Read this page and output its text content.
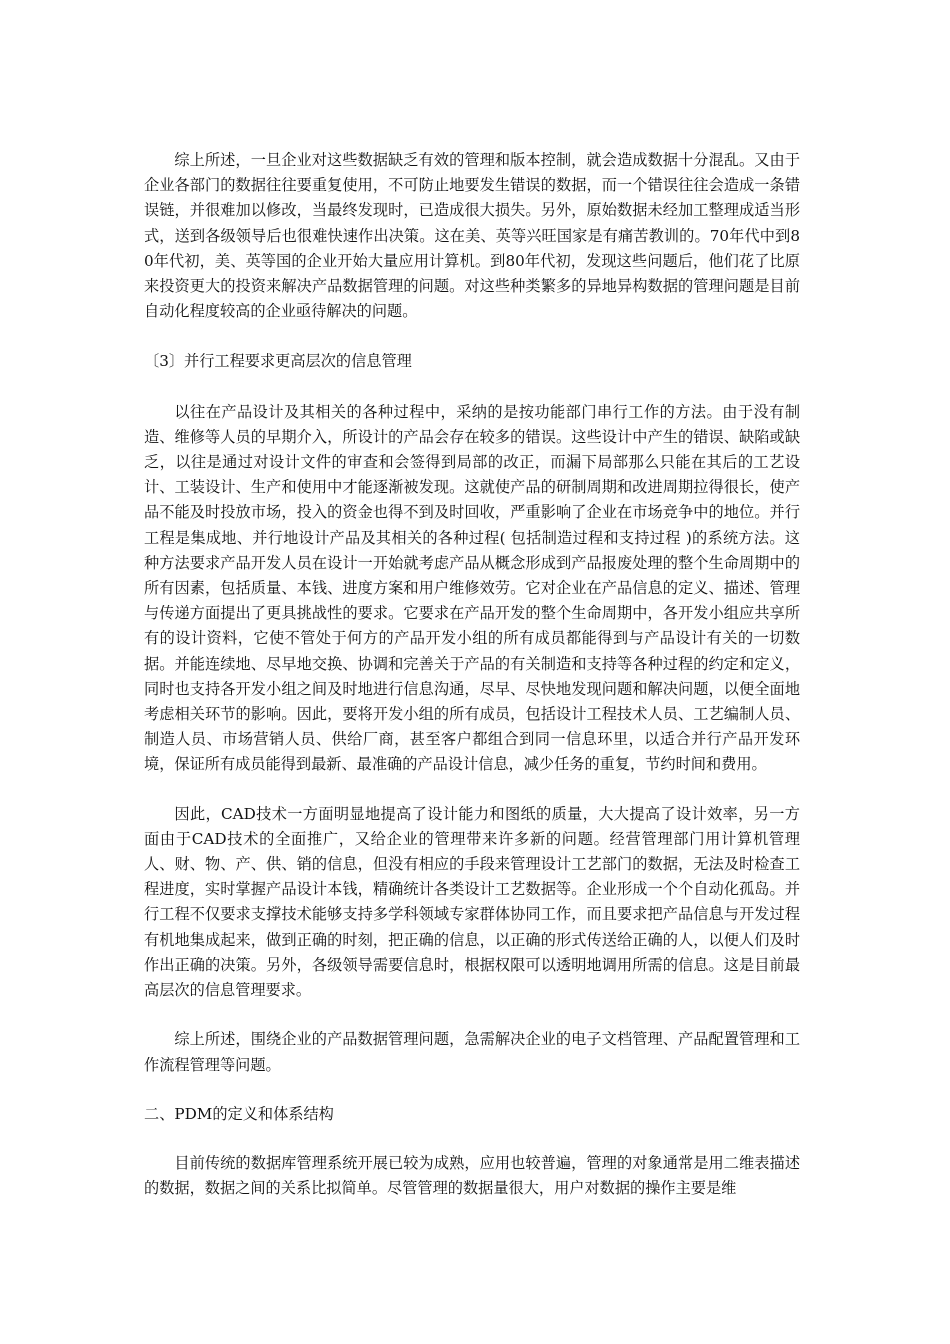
综上所述，一旦企业对这些数据缺乏有效的管理和版本控制，就会造成数据十分混乱。又由于企业各部门的数据往往要重复使用，不可防止地要发生错误的数据，而一个错误往往会造成一条错误链，并很难加以修改，当最终发现时，已造成很大损失。另外，原始数据未经加工整理成适当形式，送到各级领导后也很难快速作出决策。这在美、英等兴旺国家是有痛苦教训的。70年代中到80年代初，美、英等国的企业开始大量应用计算机。到80年代初，发现这些问题后，他们花了比原来投资更大的投资来解决产品数据管理的问题。对这些种类繁多的异地异构数据的管理问题是目前自动化程度较高的企业亟待解决的问题。

〔3〕并行工程要求更高层次的信息管理

以往在产品设计及其相关的各种过程中，采纳的是按功能部门串行工作的方法。由于没有制造、维修等人员的早期介入，所设计的产品会存在较多的错误。这些设计中产生的错误、缺陷或缺乏，以往是通过对设计文件的审查和会签得到局部的改正，而漏下局部那么只能在其后的工艺设计、工装设计、生产和使用中才能逐渐被发现。这就使产品的研制周期和改进周期拉得很长，使产品不能及时投放市场，投入的资金也得不到及时回收，严重影响了企业在市场竞争中的地位。并行工程是集成地、并行地设计产品及其相关的各种过程( 包括制造过程和支持过程 )的系统方法。这种方法要求产品开发人员在设计一开始就考虑产品从概念形成到产品报废处理的整个生命周期中的所有因素，包括质量、本钱、进度方案和用户维修效劳。它对企业在产品信息的定义、描述、管理与传递方面提出了更具挑战性的要求。它要求在产品开发的整个生命周期中，各开发小组应共享所有的设计资料，它使不管处于何方的产品开发小组的所有成员都能得到与产品设计有关的一切数据。并能连续地、尽早地交换、协调和完善关于产品的有关制造和支持等各种过程的约定和定义，同时也支持各开发小组之间及时地进行信息沟通，尽早、尽快地发现问题和解决问题，以便全面地考虑相关环节的影响。因此，要将开发小组的所有成员，包括设计工程技术人员、工艺编制人员、制造人员、市场营销人员、供给厂商，甚至客户都组合到同一信息环里，以适合并行产品开发环境，保证所有成员能得到最新、最准确的产品设计信息，减少任务的重复，节约时间和费用。

因此，CAD技术一方面明显地提高了设计能力和图纸的质量，大大提高了设计效率，另一方面由于CAD技术的全面推广，又给企业的管理带来许多新的问题。经营管理部门用计算机管理人、财、物、产、供、销的信息，但没有相应的手段来管理设计工艺部门的数据，无法及时检查工程进度，实时掌握产品设计本钱，精确统计各类设计工艺数据等。企业形成一个个自动化孤岛。并行工程不仅要求支撑技术能够支持多学科领域专家群体协同工作，而且要求把产品信息与开发过程有机地集成起来，做到正确的时刻，把正确的信息，以正确的形式传送给正确的人，以便人们及时作出正确的决策。另外，各级领导需要信息时，根据权限可以透明地调用所需的信息。这是目前最高层次的信息管理要求。

综上所述，围绕企业的产品数据管理问题，急需解决企业的电子文档管理、产品配置管理和工作流程管理等问题。

二、PDM的定义和体系结构

目前传统的数据库管理系统开展已较为成熟，应用也较普遍，管理的对象通常是用二维表描述的数据，数据之间的关系比拟简单。尽管管理的数据量很大，用户对数据的操作主要是维
